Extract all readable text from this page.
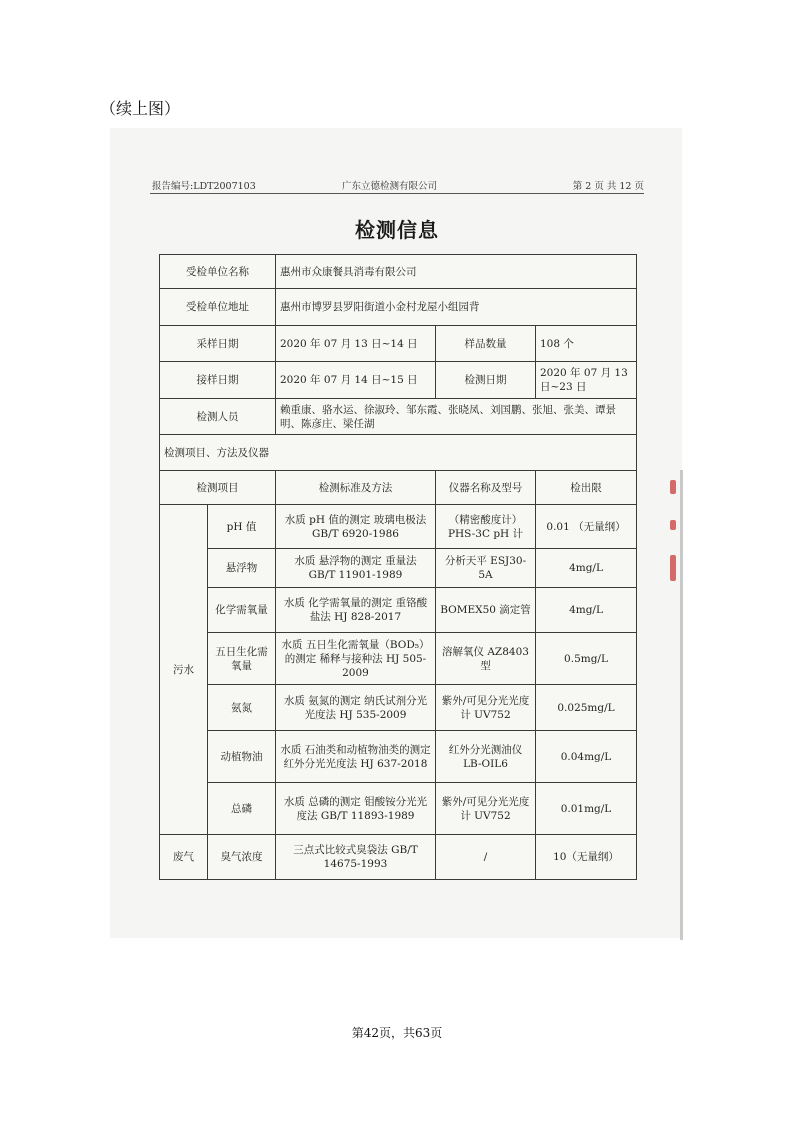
（续上图）
报告编号:LDT2007103	广东立德检测有限公司	第 2 页 共 12 页
检测信息
受检单位名称		惠州市众康餐具消毒有限公司		
受检单位地址		惠州市博罗县罗阳街道小金村龙屋小组园背		
采样日期		2020 年 07 月 13 日~14 日	样品数量	108 个
接样日期		2020 年 07 月 14 日~15 日	检测日期	2020 年 07 月 13 日~23 日
检测人员		赖重康、骆水运、徐淑玲、邹东霞、张晓凤、刘国鹏、张旭、张美、谭景明、陈彦庄、梁任湖		
检测项目、方法及仪器				
检测项目		检测标准及方法	仪器名称及型号	检出限
污水	pH 值	水质 pH 值的测定 玻璃电极法 GB/T 6920-1986	（精密酸度计） PHS-3C pH 计	0.01 （无量纲）
	悬浮物	水质 悬浮物的测定 重量法 GB/T 11901-1989	分析天平 ESJ30-5A	4mg/L
	化学需氧量	水质 化学需氧量的测定 重铬酸盐法 HJ 828-2017	BOMEX50 滴定管	4mg/L
	五日生化需氧量	水质 五日生化需氧量（BOD₅）的测定 稀释与接种法 HJ 505-2009	溶解氧仪 AZ8403 型	0.5mg/L
	氨氮	水质 氨氮的测定 纳氏试剂分光光度法 HJ 535-2009	紫外/可见分光光度计 UV752	0.025mg/L
	动植物油	水质 石油类和动植物油类的测定 红外分光光度法 HJ 637-2018	红外分光测油仪 LB-OIL6	0.04mg/L
	总磷	水质 总磷的测定 钼酸铵分光光度法 GB/T 11893-1989	紫外/可见分光光度计 UV752	0.01mg/L
废气	臭气浓度	三点式比较式臭袋法 GB/T 14675-1993	/	10（无量纲）
第42页，共63页
